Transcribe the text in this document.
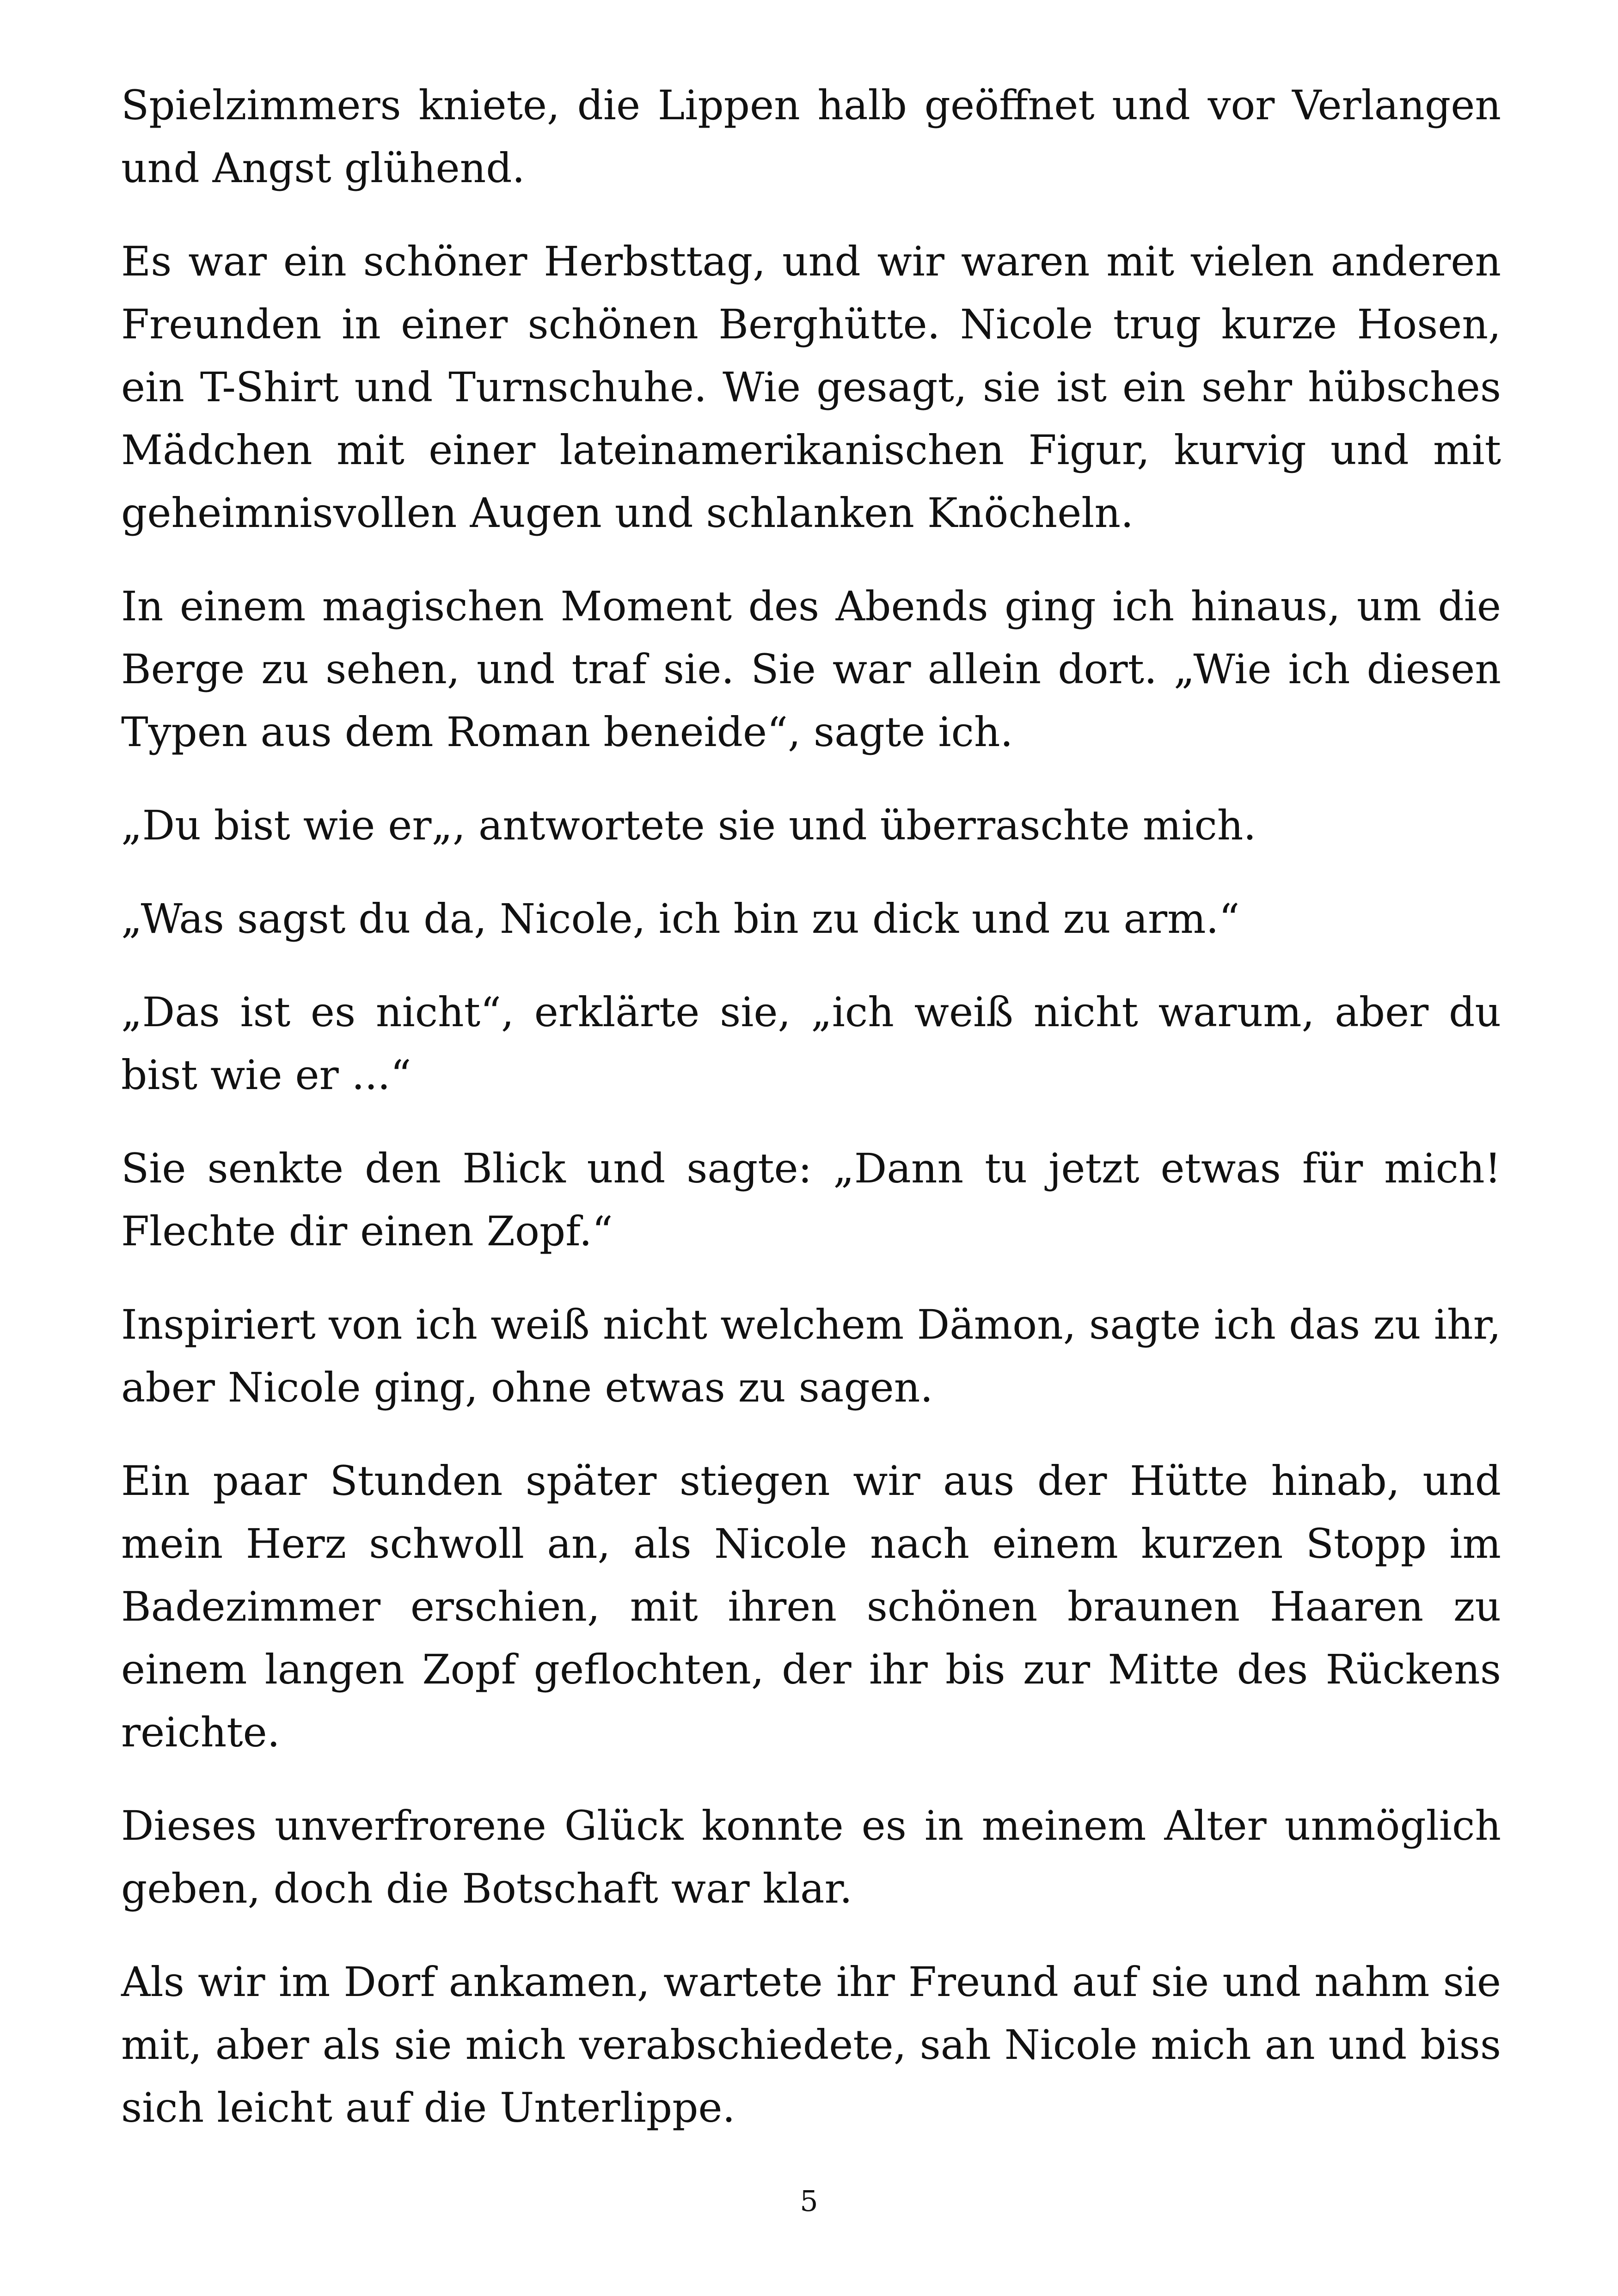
Spielzimmers kniete, die Lippen halb geöffnet und vor Verlangen und Angst glühend.

Es war ein schöner Herbsttag, und wir waren mit vielen anderen Freunden in einer schönen Berghütte. Nicole trug kurze Hosen, ein T-Shirt und Turnschuhe. Wie gesagt, sie ist ein sehr hübsches Mädchen mit einer lateinamerikanischen Figur, kurvig und mit geheimnisvollen Augen und schlanken Knöcheln.

In einem magischen Moment des Abends ging ich hinaus, um die Berge zu sehen, und traf sie. Sie war allein dort. „Wie ich diesen Typen aus dem Roman beneide“, sagte ich.

„Du bist wie er„, antwortete sie und überraschte mich.

„Was sagst du da, Nicole, ich bin zu dick und zu arm.“

„Das ist es nicht“, erklärte sie, „ich weiß nicht warum, aber du bist wie er ...“

Sie senkte den Blick und sagte: „Dann tu jetzt etwas für mich! Flechte dir einen Zopf.“

Inspiriert von ich weiß nicht welchem Dämon, sagte ich das zu ihr, aber Nicole ging, ohne etwas zu sagen.

Ein paar Stunden später stiegen wir aus der Hütte hinab, und mein Herz schwoll an, als Nicole nach einem kurzen Stopp im Badezimmer erschien, mit ihren schönen braunen Haaren zu einem langen Zopf geflochten, der ihr bis zur Mitte des Rückens reichte.

Dieses unverfrorene Glück konnte es in meinem Alter unmöglich geben, doch die Botschaft war klar.

Als wir im Dorf ankamen, wartete ihr Freund auf sie und nahm sie mit, aber als sie mich verabschiedete, sah Nicole mich an und biss sich leicht auf die Unterlippe.

5
